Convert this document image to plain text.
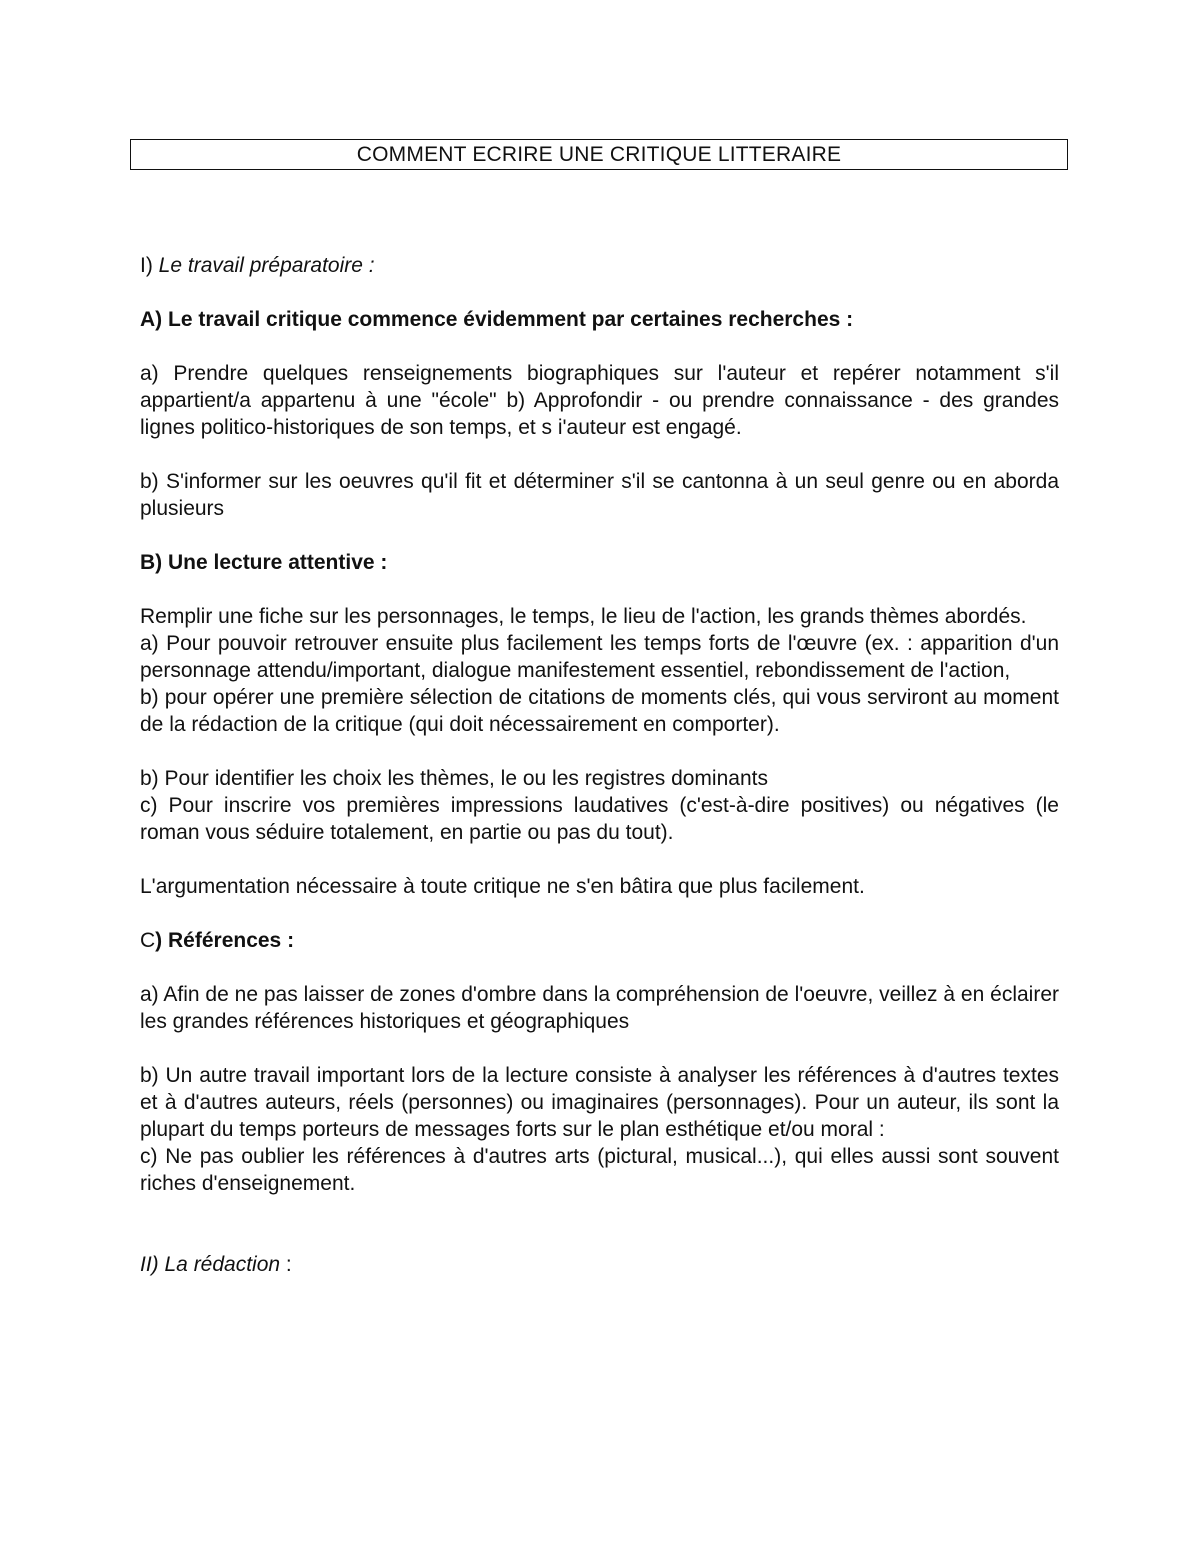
COMMENT ECRIRE UNE CRITIQUE LITTERAIRE

I) Le travail préparatoire :

A) Le travail critique commence évidemment par certaines recherches :

a) Prendre quelques renseignements biographiques sur l'auteur et repérer notamment s'il appartient/a appartenu à une "école" b) Approfondir - ou prendre connaissance - des grandes lignes politico-historiques de son temps, et s i'auteur est engagé.

b) S'informer sur les oeuvres qu'il fit et déterminer s'il se cantonna à un seul genre ou en aborda plusieurs

B) Une lecture attentive :

Remplir une fiche sur les personnages, le temps, le lieu de l'action, les grands thèmes abordés.

a) Pour pouvoir retrouver ensuite plus facilement les temps forts de l'œuvre (ex. : apparition d'un personnage attendu/important, dialogue manifestement essentiel, rebondissement de l'action,

b) pour opérer une première sélection de citations de moments clés, qui vous serviront au moment de la rédaction de la critique (qui doit nécessairement en comporter).

b) Pour identifier les choix les thèmes, le ou les registres dominants

c) Pour inscrire vos premières impressions laudatives (c'est-à-dire positives) ou négatives (le roman vous séduire totalement, en partie ou pas du tout).

L'argumentation nécessaire à toute critique ne s'en bâtira que plus facilement.

C) Références :

a) Afin de ne pas laisser de zones d'ombre dans la compréhension de l'oeuvre, veillez à en éclairer les grandes références historiques et géographiques

b) Un autre travail important lors de la lecture consiste à analyser les références à d'autres textes et à d'autres auteurs, réels (personnes) ou imaginaires (personnages). Pour un auteur, ils sont la plupart du temps porteurs de messages forts sur le plan esthétique et/ou moral :

c) Ne pas oublier les références à d'autres arts (pictural, musical...), qui elles aussi sont souvent riches d'enseignement.

II) La rédaction :
